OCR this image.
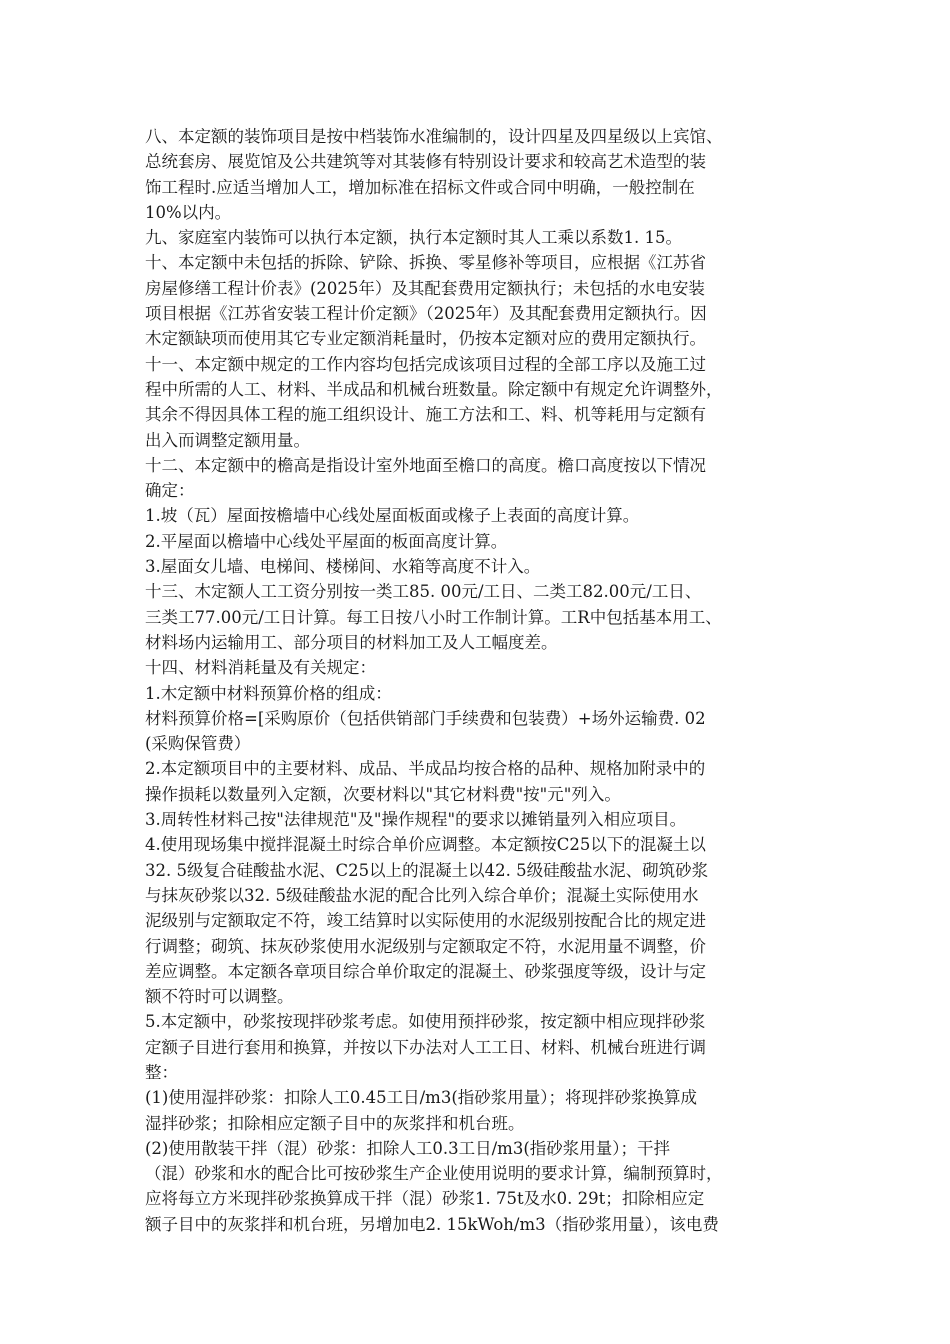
八、本定额的装饰项目是按中档装饰水准编制的，设计四星及四星级以上宾馆、
总统套房、展览馆及公共建筑等对其装修有特别设计要求和较高艺术造型的装
饰工程时.应适当增加人工，增加标准在招标文件或合同中明确，一般控制在
10%以内。
九、家庭室内装饰可以执行本定额，执行本定额时其人工乘以系数1. 15。
十、本定额中未包括的拆除、铲除、拆换、零星修补等项目，应根据《江苏省
房屋修缮工程计价表》(2025年）及其配套费用定额执行；未包括的水电安装
项目根据《江苏省安装工程计价定额》（2025年）及其配套费用定额执行。因
木定额缺项而使用其它专业定额消耗量时，仍按本定额对应的费用定额执行。
十一、本定额中规定的工作内容均包括完成该项目过程的全部工序以及施工过
程中所需的人工、材料、半成品和机械台班数量。除定额中有规定允许调整外，
其余不得因具体工程的施工组织设计、施工方法和工、料、机等耗用与定额有
出入而调整定额用量。
十二、本定额中的檐高是指设计室外地面至檐口的高度。檐口高度按以下情况
确定：
1.坡（瓦）屋面按檐墙中心线处屋面板面或椽子上表面的高度计算。
2.平屋面以檐墙中心线处平屋面的板面高度计算。
3.屋面女儿墙、电梯间、楼梯间、水箱等高度不计入。
十三、木定额人工工资分别按一类工85. 00元/工日、二类工82.00元/工日、
三类工77.00元/工日计算。每工日按八小时工作制计算。工R中包括基本用工、
材料场内运输用工、部分项目的材料加工及人工幅度差。
十四、材料消耗量及有关规定：
1.木定额中材料预算价格的组成：
材料预算价格=[采购原价（包括供销部门手续费和包装费）+场外运输费. 02
(采购保管费）
2.本定额项目中的主要材料、成品、半成品均按合格的品种、规格加附录中的
操作损耗以数量列入定额，次要材料以"其它材料费"按"元"列入。
3.周转性材料己按"法律规范"及"操作规程"的要求以摊销量列入相应项目。
4.使用现场集中搅拌混凝土时综合单价应调整。本定额按C25以下的混凝土以
32. 5级复合硅酸盐水泥、C25以上的混凝土以42. 5级硅酸盐水泥、砌筑砂浆
与抹灰砂浆以32. 5级硅酸盐水泥的配合比列入综合单价；混凝土实际使用水
泥级别与定额取定不符，竣工结算时以实际使用的水泥级别按配合比的规定进
行调整；砌筑、抹灰砂浆使用水泥级别与定额取定不符，水泥用量不调整，价
差应调整。本定额各章项目综合单价取定的混凝土、砂浆强度等级，设计与定
额不符时可以调整。
5.本定额中，砂浆按现拌砂浆考虑。如使用预拌砂浆，按定额中相应现拌砂浆
定额子目进行套用和换算，并按以下办法对人工工日、材料、机械台班进行调
整：
(1)使用湿拌砂浆：扣除人工0.45工日/m3(指砂浆用量）；将现拌砂浆换算成
湿拌砂浆；扣除相应定额子目中的灰浆拌和机台班。
(2)使用散装干拌（混）砂浆：扣除人工0.3工日/m3(指砂浆用量）；干拌
（混）砂浆和水的配合比可按砂浆生产企业使用说明的要求计算，编制预算时，
应将每立方米现拌砂浆换算成干拌（混）砂浆1. 75t及水0. 29t；扣除相应定
额子目中的灰浆拌和机台班，另增加电2. 15kWoh/m3（指砂浆用量），该电费
